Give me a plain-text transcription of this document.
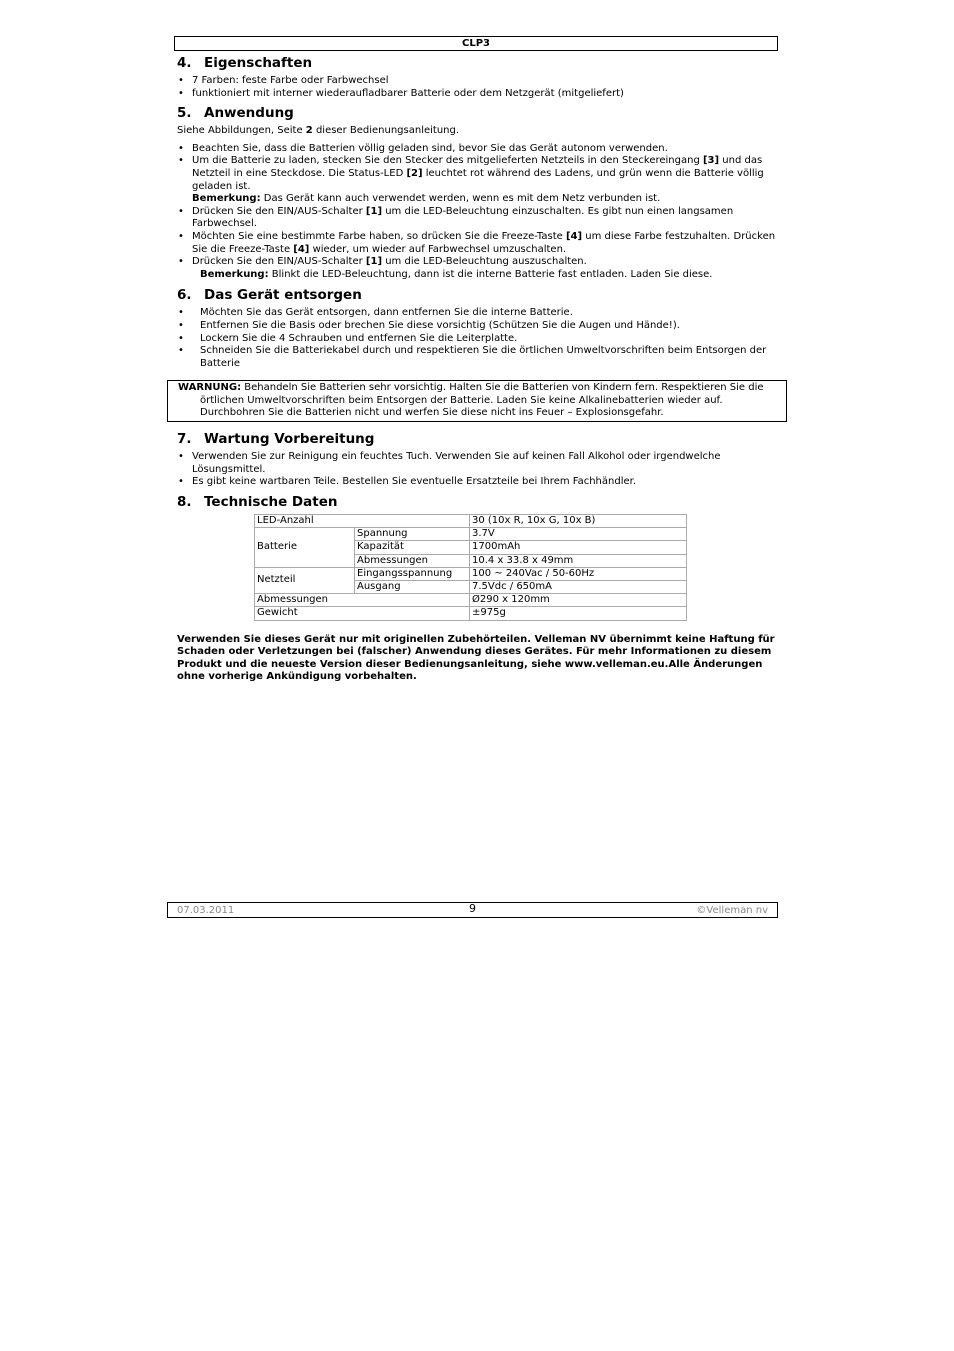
CLP3
4. Eigenschaften
• 7 Farben: feste Farbe oder Farbwechsel
• funktioniert mit interner wiederaufladbarer Batterie oder dem Netzgerät (mitgeliefert)
5. Anwendung

Siehe Abbildungen, Seite 2 dieser Bedienungsanleitung.

• Beachten Sie, dass die Batterien völlig geladen sind, bevor Sie das Gerät autonom verwenden.
• Um die Batterie zu laden, stecken Sie den Stecker des mitgelieferten Netzteils in den Steckereingang [3] und das Netzteil in eine Steckdose. Die Status-LED [2] leuchtet rot während des Ladens, und grün wenn die Batterie völlig geladen ist.
Bemerkung: Das Gerät kann auch verwendet werden, wenn es mit dem Netz verbunden ist.
• Drücken Sie den EIN/AUS-Schalter [1] um die LED-Beleuchtung einzuschalten. Es gibt nun einen langsamen Farbwechsel.
• Möchten Sie eine bestimmte Farbe haben, so drücken Sie die Freeze-Taste [4] um diese Farbe festzuhalten. Drücken Sie die Freeze-Taste [4] wieder, um wieder auf Farbwechsel umzuschalten.
• Drücken Sie den EIN/AUS-Schalter [1] um die LED-Beleuchtung auszuschalten.
Bemerkung: Blinkt die LED-Beleuchtung, dann ist die interne Batterie fast entladen. Laden Sie diese.
6. Das Gerät entsorgen
• Möchten Sie das Gerät entsorgen, dann entfernen Sie die interne Batterie.
• Entfernen Sie die Basis oder brechen Sie diese vorsichtig (Schützen Sie die Augen und Hände!).
• Lockern Sie die 4 Schrauben und entfernen Sie die Leiterplatte.
• Schneiden Sie die Batteriekabel durch und respektieren Sie die örtlichen Umweltvorschriften beim Entsorgen der Batterie
7. Wartung Vorbereitung
• Verwenden Sie zur Reinigung ein feuchtes Tuch. Verwenden Sie auf keinen Fall Alkohol oder irgendwelche Lösungsmittel.
• Es gibt keine wartbaren Teile. Bestellen Sie eventuelle Ersatzteile bei Ihrem Fachhändler.
8. Technische Daten
LED-Anzahl		30 (10x R, 10x G, 10x B)
Batterie	Spannung	3.7V
	Kapazität	1700mAh
	Abmessungen	10.4 x 33.8 x 49mm
Netzteil	Eingangsspannung	100 ~ 240Vac / 50-60Hz
	Ausgang	7.5Vdc / 650mA
Abmessungen		Ø290 x 120mm
Gewicht		±975g

Verwenden Sie dieses Gerät nur mit originellen Zubehörteilen. Velleman NV übernimmt keine Haftung für Schaden oder Verletzungen bei (falscher) Anwendung dieses Gerätes. Für mehr Informationen zu diesem Produkt und die neueste Version dieser Bedienungsanleitung, siehe www.velleman.eu.Alle Änderungen ohne vorherige Ankündigung vorbehalten.

WARNUNG: Behandeln Sie Batterien sehr vorsichtig. Halten Sie die Batterien von Kindern fern. Respektieren Sie die örtlichen Umweltvorschriften beim Entsorgen der Batterie. Laden Sie keine Alkalinebatterien wieder auf. Durchbohren Sie die Batterien nicht und werfen Sie diese nicht ins Feuer – Explosionsgefahr.
07.03.2011	9	©Velleman nv
